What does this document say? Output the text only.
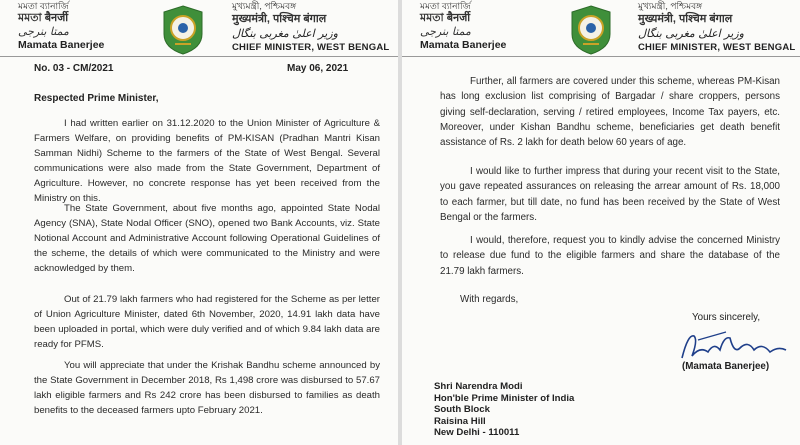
মমতা ব্যানার্জি
মমতা बैनर्जी
ممتا بنرجی
Mamata Banerjee
মুখ্যমন্ত্রী, পশ্চিমবঙ্গ
मुख्यमंत्री, पश्चिम बंगाल
وزیر اعلیٰ مغربی بنگال
CHIEF MINISTER, WEST BENGAL
No. 03 - CM/2021	May 06, 2021
Respected Prime Minister,
I had written earlier on 31.12.2020 to the Union Minister of Agriculture & Farmers Welfare, on providing benefits of PM-KISAN (Pradhan Mantri Kisan Samman Nidhi) Scheme to the farmers of the State of West Bengal. Several communications were also made from the State Government, Department of Agriculture. However, no concrete response has yet been received from the Ministry on this.
The State Government, about five months ago, appointed State Nodal Agency (SNA), State Nodal Officer (SNO), opened two Bank Accounts, viz. State Notional Account and Administrative Account following Operational Guidelines of the scheme, the details of which were communicated to the Ministry and were acknowledged by them.
Out of 21.79 lakh farmers who had registered for the Scheme as per letter of Union Agriculture Minister, dated 6th November, 2020, 14.91 lakh data have been uploaded in portal, which were duly verified and of which 9.84 lakh data are ready for PFMS.
You will appreciate that under the Krishak Bandhu scheme announced by the State Government in December 2018, Rs 1,498 crore was disbursed to 57.67 lakh eligible farmers and Rs 242 crore has been disbursed to families as death benefits to the deceased farmers upto February 2021.
মমতা ব্যানার্জি
মমতা बैनर्जी
ممتا بنرجی
Mamata Banerjee
মুখ্যমন্ত্রী, পশ্চিমবঙ্গ
मुख्यमंत्री, पश्चिम बंगाल
وزیر اعلیٰ مغربی بنگال
CHIEF MINISTER, WEST BENGAL
Further, all farmers are covered under this scheme, whereas PM-Kisan has long exclusion list comprising of Bargadar / share croppers, persons giving self-declaration, serving / retired employees, Income Tax payers, etc. Moreover, under Kishan Bandhu scheme, beneficiaries get death benefit assistance of Rs. 2 lakh for death below 60 years of age.
I would like to further impress that during your recent visit to the State, you gave repeated assurances on releasing the arrear amount of Rs. 18,000 to each farmer, but till date, no fund has been received by the State of West Bengal or the farmers.
I would, therefore, request you to kindly advise the concerned Ministry to release due fund to the eligible farmers and share the database of the 21.79 lakh farmers.
With regards,
Yours sincerely,
(Mamata Banerjee)
Shri Narendra Modi
Hon'ble Prime Minister of India
South Block
Raisina Hill
New Delhi - 110011
